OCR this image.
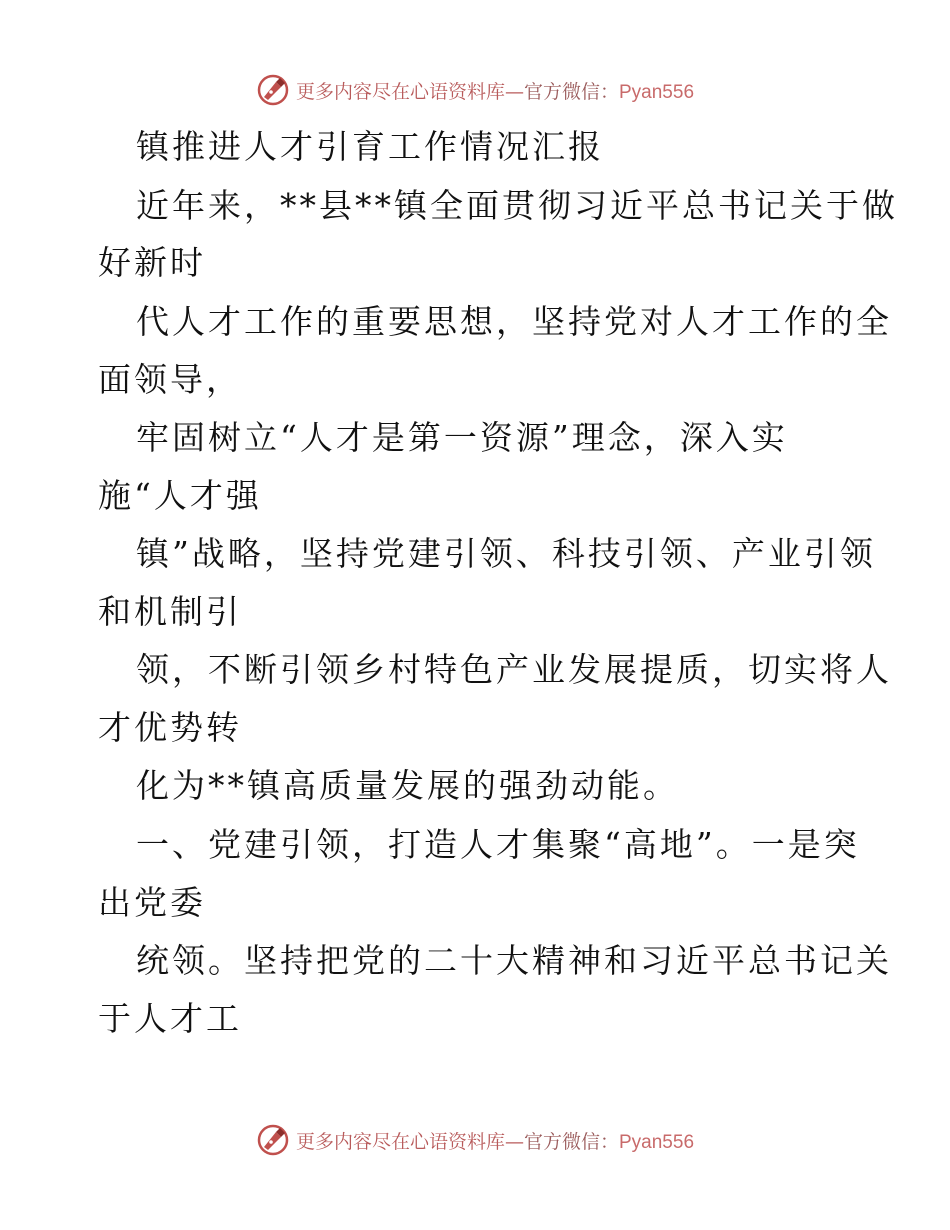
更多内容尽在心语资料库—官方微信：Pyan556
镇推进人才引育工作情况汇报
近年来，**县**镇全面贯彻习近平总书记关于做
好新时
代人才工作的重要思想，坚持党对人才工作的全
面领导，
牢固树立“人才是第一资源”理念，深入实
施“人才强
镇”战略，坚持党建引领、科技引领、产业引领
和机制引
领，不断引领乡村特色产业发展提质，切实将人
才优势转
化为**镇高质量发展的强劲动能。
一、党建引领，打造人才集聚“高地”。一是突
出党委
统领。坚持把党的二十大精神和习近平总书记关
于人才工
更多内容尽在心语资料库—官方微信：Pyan556
